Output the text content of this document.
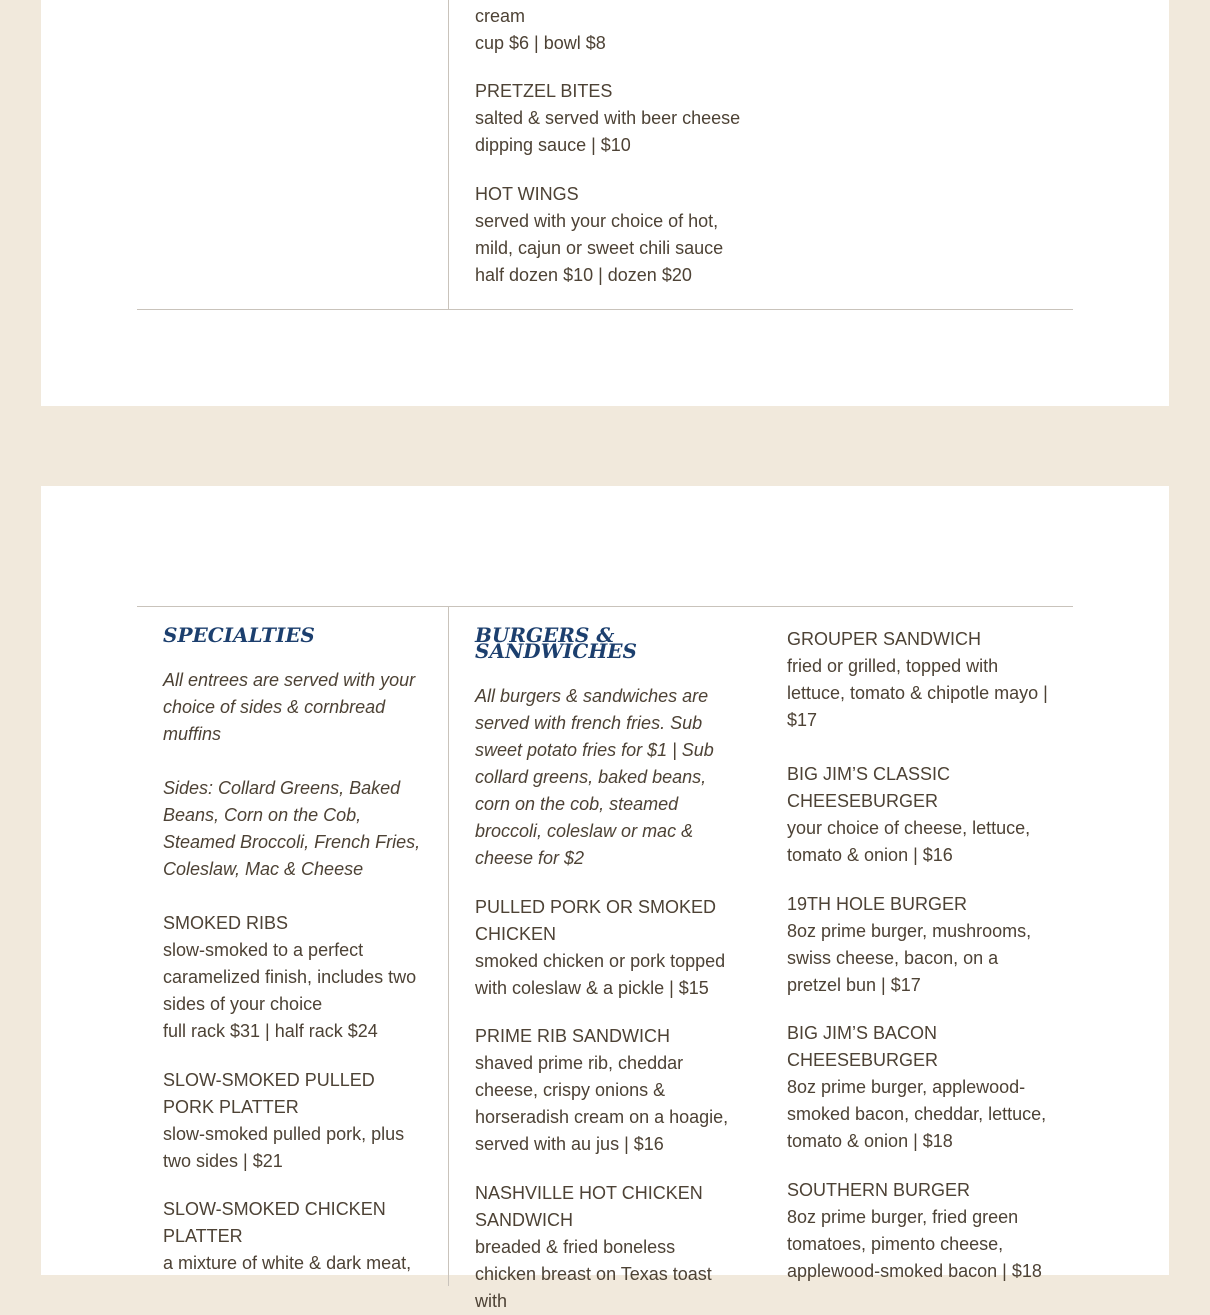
cream
cup $6 | bowl $8
PRETZEL BITES
salted & served with beer cheese dipping sauce | $10
HOT WINGS
served with your choice of hot, mild, cajun or sweet chili sauce
half dozen $10 | dozen $20
SPECIALTIES
All entrees are served with your choice of sides & cornbread muffins
Sides: Collard Greens, Baked Beans, Corn on the Cob, Steamed Broccoli, French Fries, Coleslaw, Mac & Cheese
SMOKED RIBS
slow-smoked to a perfect caramelized finish, includes two sides of your choice
full rack $31 | half rack $24
SLOW-SMOKED PULLED PORK PLATTER
slow-smoked pulled pork, plus two sides | $21
SLOW-SMOKED CHICKEN PLATTER
a mixture of white & dark meat,
BURGERS & SANDWICHES
All burgers & sandwiches are served with french fries. Sub sweet potato fries for $1 | Sub collard greens, baked beans, corn on the cob, steamed broccoli, coleslaw or mac & cheese for $2
PULLED PORK OR SMOKED CHICKEN
smoked chicken or pork topped with coleslaw & a pickle | $15
PRIME RIB SANDWICH
shaved prime rib, cheddar cheese, crispy onions & horseradish cream on a hoagie, served with au jus | $16
NASHVILLE HOT CHICKEN SANDWICH
breaded & fried boneless chicken breast on Texas toast with
GROUPER SANDWICH
fried or grilled, topped with lettuce, tomato & chipotle mayo | $17
BIG JIM’S CLASSIC CHEESEBURGER
your choice of cheese, lettuce, tomato & onion | $16
19TH HOLE BURGER
8oz prime burger, mushrooms, swiss cheese, bacon, on a pretzel bun | $17
BIG JIM’S BACON CHEESEBURGER
8oz prime burger, applewood-smoked bacon, cheddar, lettuce, tomato & onion | $18
SOUTHERN BURGER
8oz prime burger, fried green tomatoes, pimento cheese, applewood-smoked bacon | $18
